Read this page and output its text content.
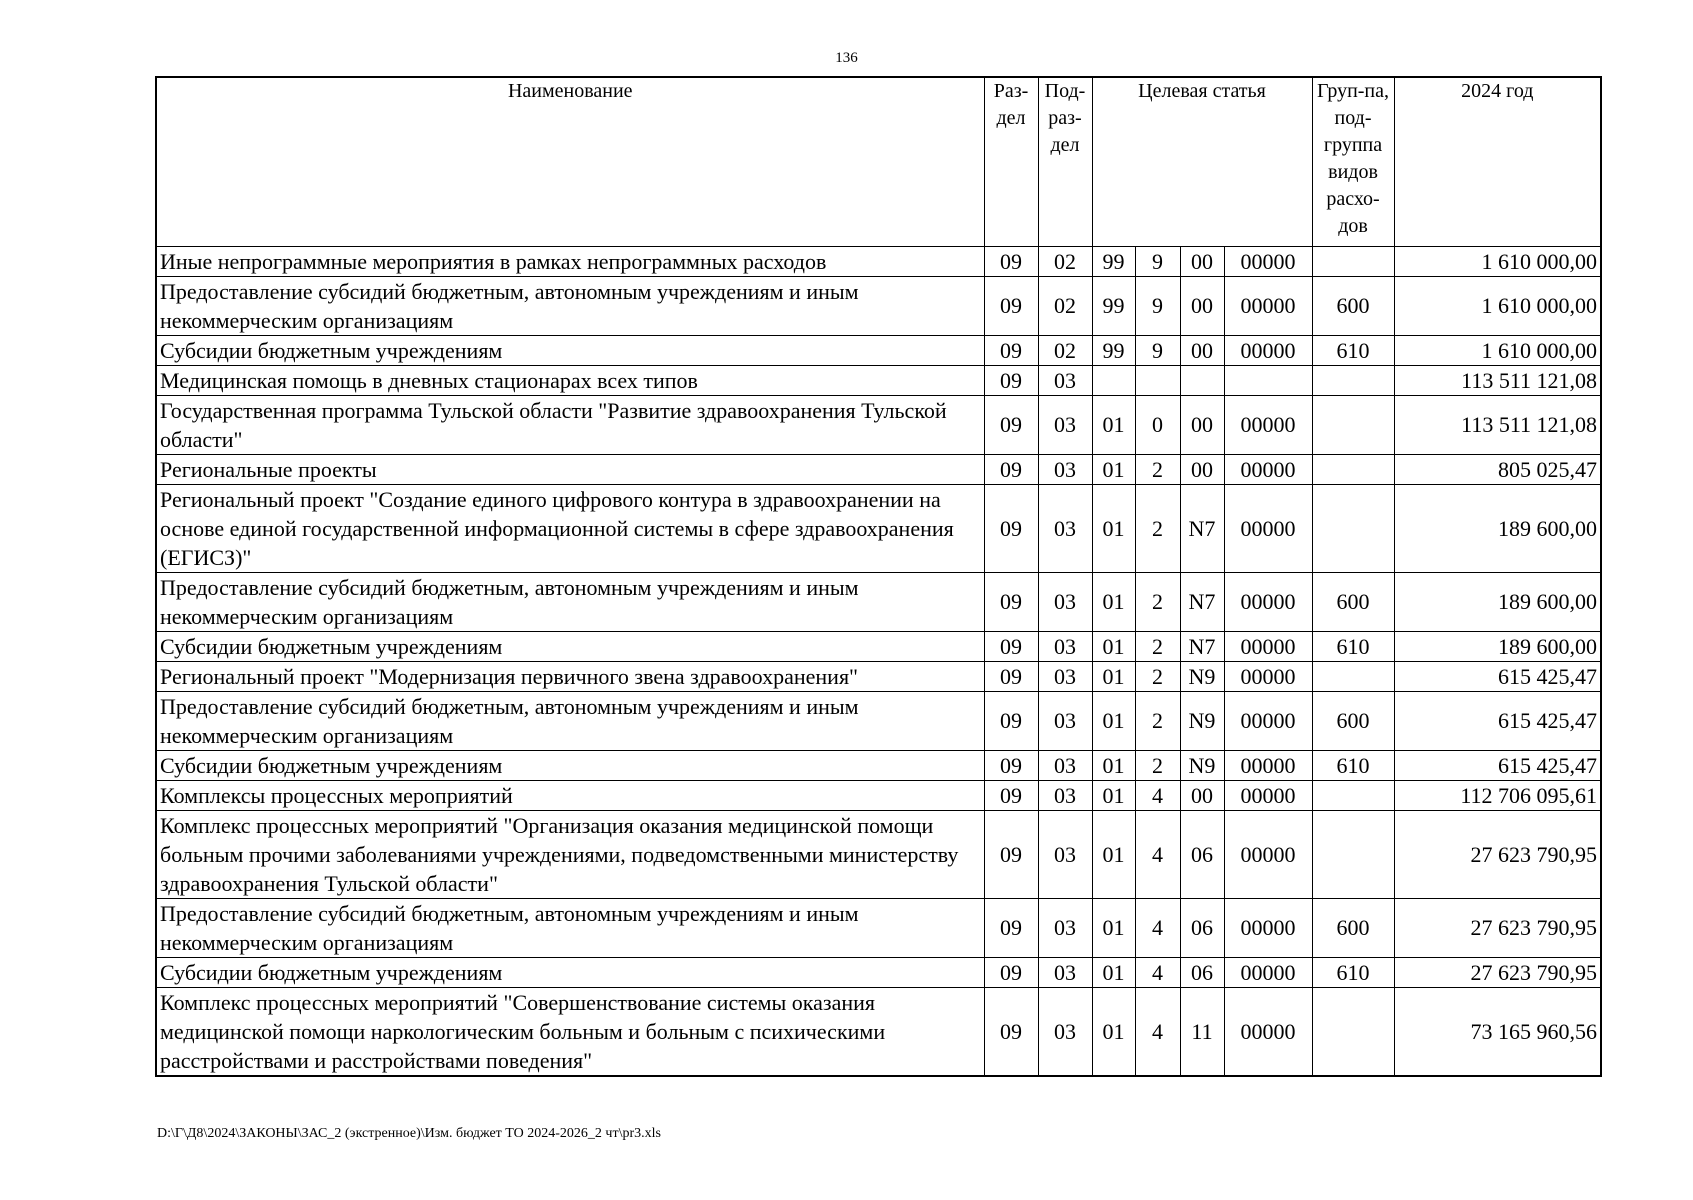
136
Наименование	Раз-дел	Под-раз-дел	Целевая статья				Груп-па, под-группа видов расхо-дов	2024 год
Иные непрограммные мероприятия в рамках непрограммных расходов	09	02	99	9	00	00000		1 610 000,00
Предоставление субсидий бюджетным, автономным учреждениям и иным некоммерческим организациям	09	02	99	9	00	00000	600	1 610 000,00
Субсидии бюджетным учреждениям	09	02	99	9	00	00000	610	1 610 000,00
Медицинская помощь в дневных стационарах всех типов	09	03						113 511 121,08
Государственная программа Тульской области "Развитие здравоохранения Тульской области"	09	03	01	0	00	00000		113 511 121,08
Региональные проекты	09	03	01	2	00	00000		805 025,47
Региональный проект "Создание единого цифрового контура в здравоохранении на основе единой государственной информационной системы в сфере здравоохранения (ЕГИСЗ)"	09	03	01	2	N7	00000		189 600,00
Предоставление субсидий бюджетным, автономным учреждениям и иным некоммерческим организациям	09	03	01	2	N7	00000	600	189 600,00
Субсидии бюджетным учреждениям	09	03	01	2	N7	00000	610	189 600,00
Региональный проект "Модернизация первичного звена здравоохранения"	09	03	01	2	N9	00000		615 425,47
Предоставление субсидий бюджетным, автономным учреждениям и иным некоммерческим организациям	09	03	01	2	N9	00000	600	615 425,47
Субсидии бюджетным учреждениям	09	03	01	2	N9	00000	610	615 425,47
Комплексы процессных мероприятий	09	03	01	4	00	00000		112 706 095,61
Комплекс процессных мероприятий "Организация оказания медицинской помощи больным прочими заболеваниями учреждениями, подведомственными министерству здравоохранения Тульской области"	09	03	01	4	06	00000		27 623 790,95
Предоставление субсидий бюджетным, автономным учреждениям и иным некоммерческим организациям	09	03	01	4	06	00000	600	27 623 790,95
Субсидии бюджетным учреждениям	09	03	01	4	06	00000	610	27 623 790,95
Комплекс процессных мероприятий "Совершенствование системы оказания медицинской помощи наркологическим больным и больным с психическими расстройствами и расстройствами поведения"	09	03	01	4	11	00000		73 165 960,56
D:\Г\Д8\2024\ЗАКОНЫ\ЗАС_2 (экстренное)\Изм. бюджет ТО 2024-2026_2 чт\pr3.xls
